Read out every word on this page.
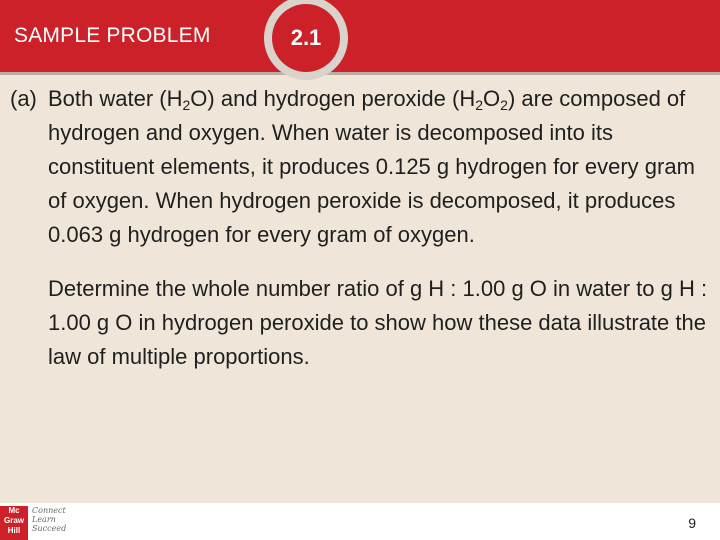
SAMPLE PROBLEM	2.1
(a) Both water $(H_2O)$ and hydrogen peroxide $(H_2O_2)$ are composed of hydrogen and oxygen. When water is decomposed into its constituent elements, it produces 0.125 g hydrogen for every gram of oxygen. When hydrogen peroxide is decomposed, it produces 0.063 g hydrogen for every gram of oxygen.
Determine the whole number ratio of g H : 1.00 g O in water to g H : 1.00 g O in hydrogen peroxide to show how these data illustrate the law of multiple proportions.
Mc
Graw
Hill
Connect
Learn
Succeed	9
